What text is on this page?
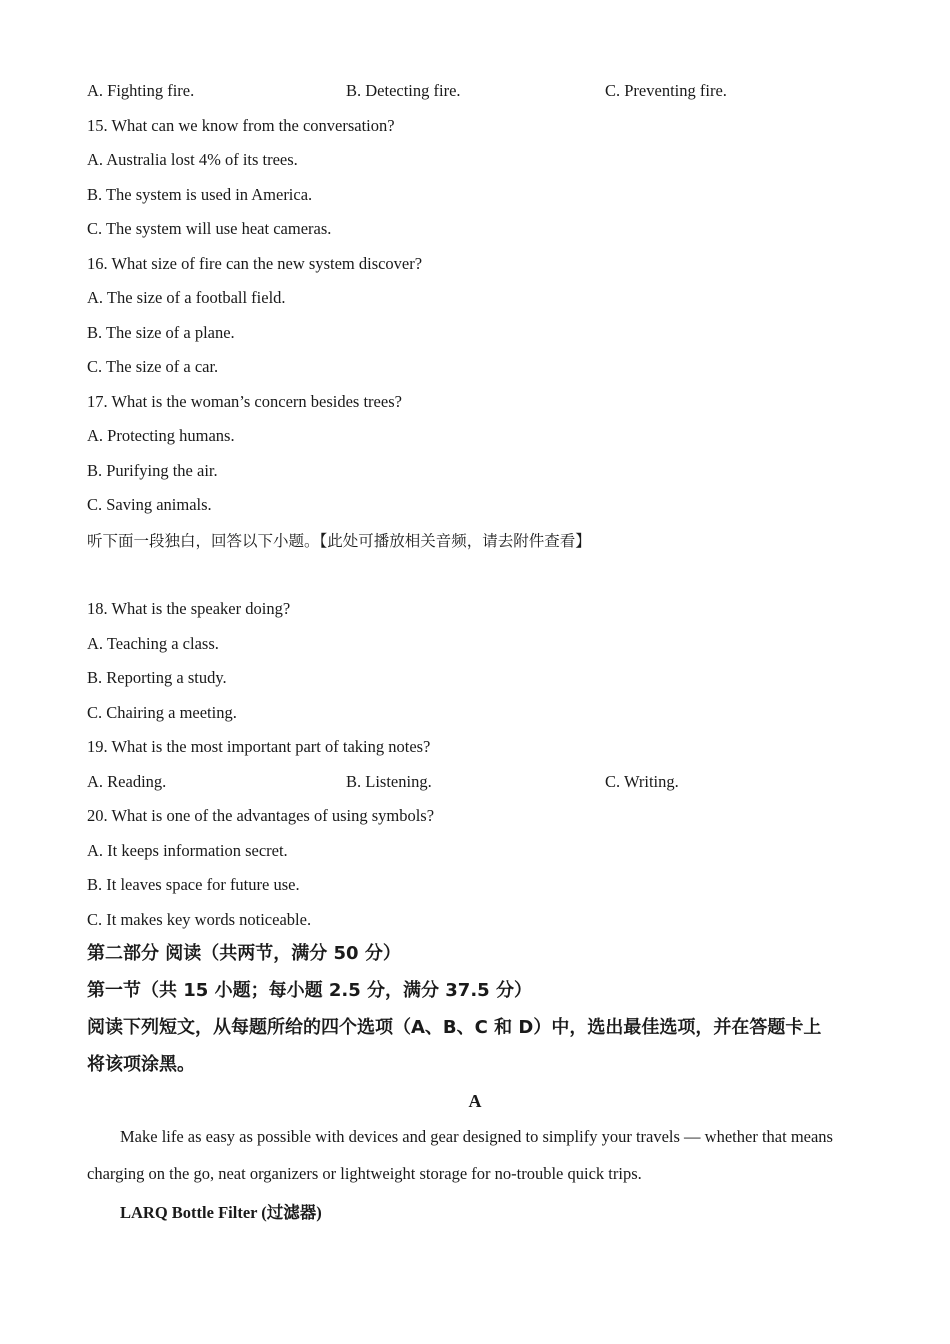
A. Fighting fire.	B. Detecting fire.	C. Preventing fire.
15. What can we know from the conversation?
A. Australia lost 4% of its trees.
B. The system is used in America.
C. The system will use heat cameras.
16. What size of fire can the new system discover?
A. The size of a football field.
B. The size of a plane.
C. The size of a car.
17. What is the woman’s concern besides trees?
A. Protecting humans.
B. Purifying the air.
C. Saving animals.
听下面一段独白，回答以下小题。【此处可播放相关音频，请去附件查看】
18. What is the speaker doing?
A. Teaching a class.
B. Reporting a study.
C. Chairing a meeting.
19. What is the most important part of taking notes?
A. Reading.	B. Listening.	C. Writing.
20. What is one of the advantages of using symbols?
A. It keeps information secret.
B. It leaves space for future use.
C. It makes key words noticeable.
第二部分 阅读（共两节，满分 50 分）
第一节（共 15 小题；每小题 2.5 分，满分 37.5 分）
阅读下列短文，从每题所给的四个选项（A、B、C 和 D）中，选出最佳选项，并在答题卡上
将该项涂黑。
A
Make life as easy as possible with devices and gear designed to simplify your travels — whether that means charging on the go, neat organizers or lightweight storage for no-trouble quick trips.
LARQ Bottle Filter (过滤器)
